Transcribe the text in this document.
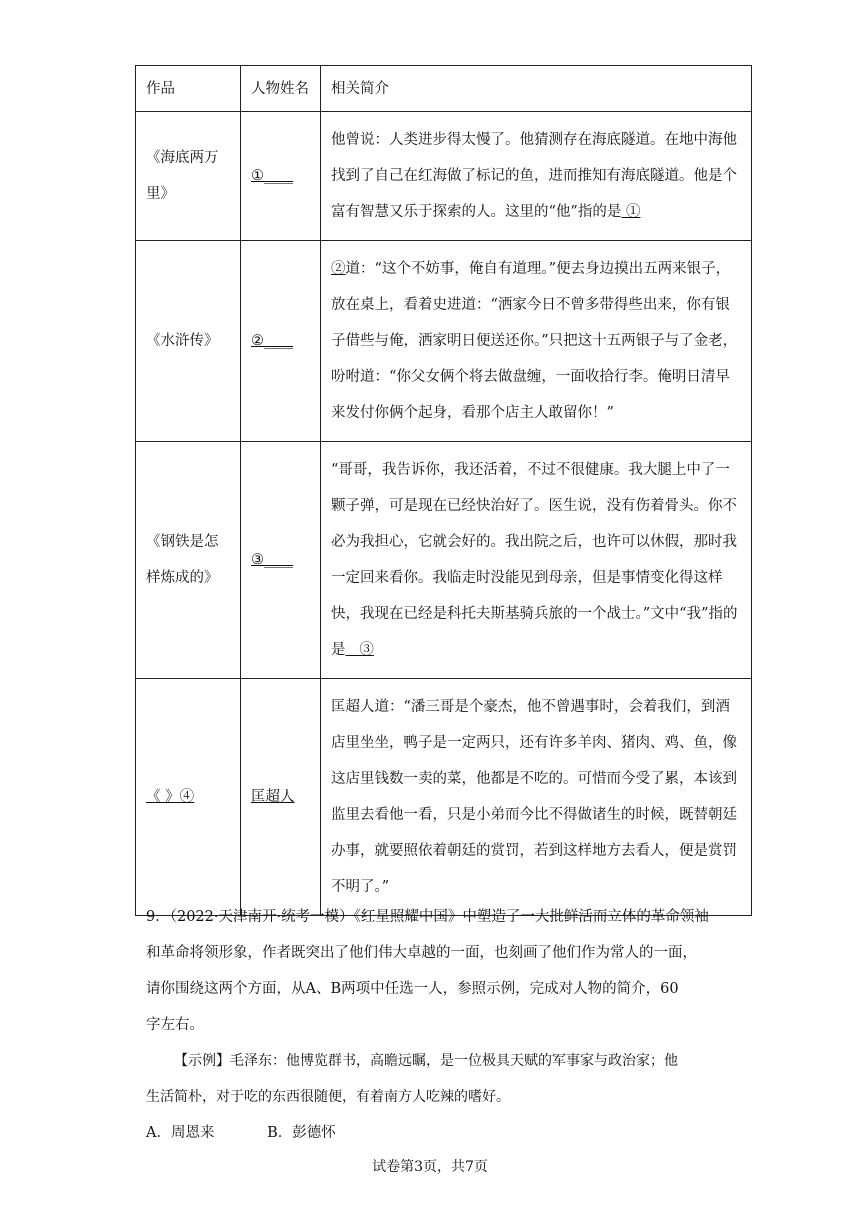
作品	人物姓名	相关简介
《海底两万里》	①____	他曾说：人类进步得太慢了。他猜测存在海底隧道。在地中海他找到了自己在红海做了标记的鱼，进而推知有海底隧道。他是个富有智慧又乐于探索的人。这里的“他”指的是 ①
《水浒传》	②____	②道：“这个不妨事，俺自有道理。”便去身边摸出五两来银子，放在桌上，看着史进道：“洒家今日不曾多带得些出来，你有银子借些与俺，洒家明日便送还你。”只把这十五两银子与了金老，吩咐道：“你父女俩个将去做盘缠，一面收拾行李。俺明日清早来发付你俩个起身，看那个店主人敢留你！”
《钢铁是怎样炼成的》	③____	“哥哥，我告诉你，我还活着，不过不很健康。我大腿上中了一颗子弹，可是现在已经快治好了。医生说，没有伤着骨头。你不必为我担心，它就会好的。我出院之后，也许可以休假，那时我一定回来看你。我临走时没能见到母亲，但是事情变化得这样快，我现在已经是科托夫斯基骑兵旅的一个战士。”文中“我”指的是 ③
《 》④	匡超人	匡超人道：“潘三哥是个豪杰，他不曾遇事时，会着我们，到酒店里坐坐，鸭子是一定两只，还有许多羊肉、猪肉、鸡、鱼，像这店里钱数一卖的菜，他都是不吃的。可惜而今受了累，本该到监里去看他一看，只是小弟而今比不得做诸生的时候，既替朝廷办事，就要照依着朝廷的赏罚，若到这样地方去看人，便是赏罚不明了。”
9．（2022·天津南开·统考一模）《红星照耀中国》中塑造了一大批鲜活而立体的革命领袖
和革命将领形象，作者既突出了他们伟大卓越的一面，也刻画了他们作为常人的一面，
请你围绕这两个方面，从A、B两项中任选一人，参照示例，完成对人物的简介，60
字左右。
【示例】毛泽东：他博览群书，高瞻远瞩，是一位极具天赋的军事家与政治家；他
生活简朴，对于吃的东西很随便，有着南方人吃辣的嗜好。
A．周恩来	B．彭德怀
试卷第3页，共7页
